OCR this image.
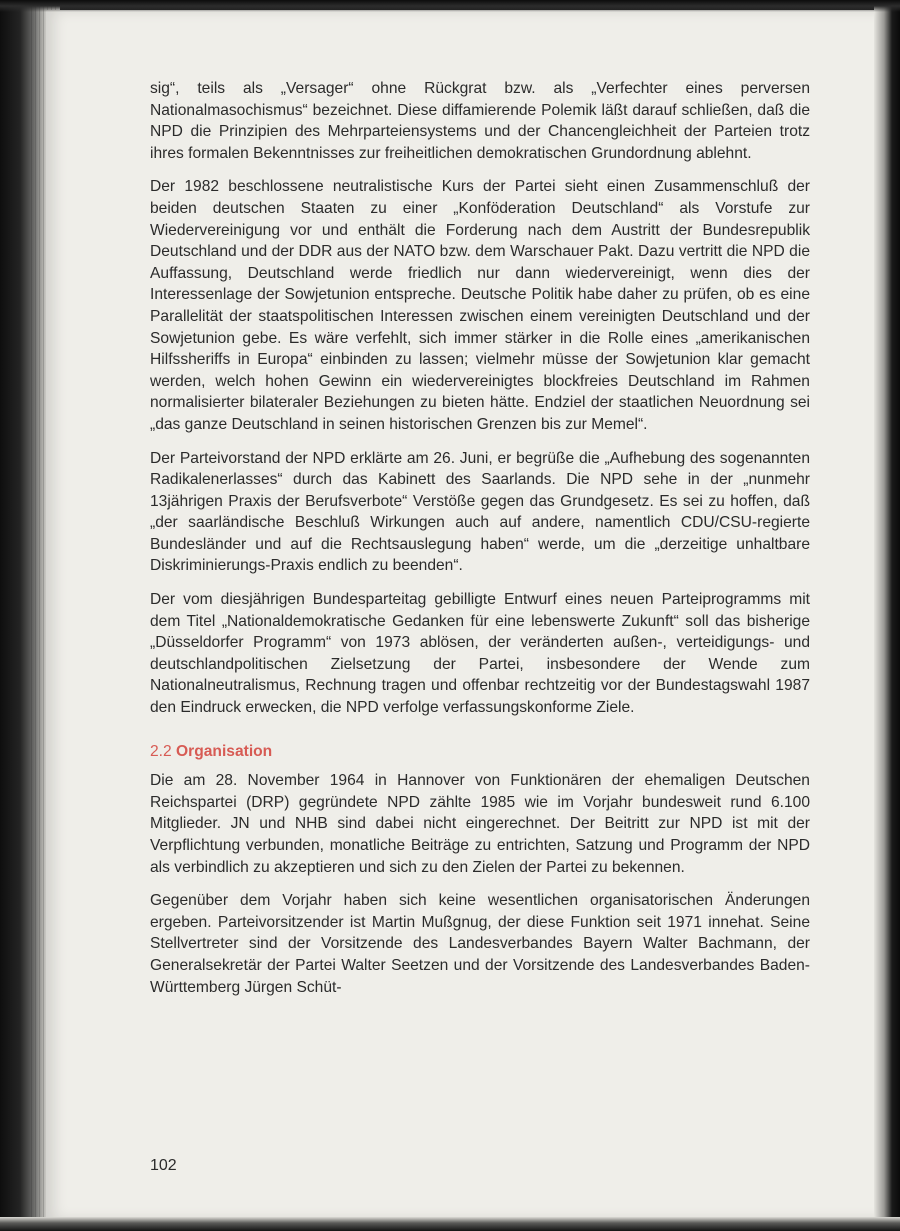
sig“, teils als „Versager“ ohne Rückgrat bzw. als „Verfechter eines perversen Nationalmasochismus“ bezeichnet. Diese diffamierende Polemik läßt darauf schließen, daß die NPD die Prinzipien des Mehrparteiensystems und der Chancengleichheit der Parteien trotz ihres formalen Bekenntnisses zur freiheitlichen demokratischen Grundordnung ablehnt.

Der 1982 beschlossene neutralistische Kurs der Partei sieht einen Zusammenschluß der beiden deutschen Staaten zu einer „Konföderation Deutschland“ als Vorstufe zur Wiedervereinigung vor und enthält die Forderung nach dem Austritt der Bundesrepublik Deutschland und der DDR aus der NATO bzw. dem Warschauer Pakt. Dazu vertritt die NPD die Auffassung, Deutschland werde friedlich nur dann wiedervereinigt, wenn dies der Interessenlage der Sowjetunion entspreche. Deutsche Politik habe daher zu prüfen, ob es eine Parallelität der staatspolitischen Interessen zwischen einem vereinigten Deutschland und der Sowjetunion gebe. Es wäre verfehlt, sich immer stärker in die Rolle eines „amerikanischen Hilfssheriffs in Europa“ einbinden zu lassen; vielmehr müsse der Sowjetunion klar gemacht werden, welch hohen Gewinn ein wiedervereinigtes blockfreies Deutschland im Rahmen normalisierter bilateraler Beziehungen zu bieten hätte. Endziel der staatlichen Neuordnung sei „das ganze Deutschland in seinen historischen Grenzen bis zur Memel“.

Der Parteivorstand der NPD erklärte am 26. Juni, er begrüße die „Aufhebung des sogenannten Radikalenerlasses“ durch das Kabinett des Saarlands. Die NPD sehe in der „nunmehr 13jährigen Praxis der Berufsverbote“ Verstöße gegen das Grundgesetz. Es sei zu hoffen, daß „der saarländische Beschluß Wirkungen auch auf andere, namentlich CDU/CSU-regierte Bundesländer und auf die Rechtsauslegung haben“ werde, um die „derzeitige unhaltbare Diskriminierungs-Praxis endlich zu beenden“.

Der vom diesjährigen Bundesparteitag gebilligte Entwurf eines neuen Parteiprogramms mit dem Titel „Nationaldemokratische Gedanken für eine lebenswerte Zukunft“ soll das bisherige „Düsseldorfer Programm“ von 1973 ablösen, der veränderten außen-, verteidigungs- und deutschlandpolitischen Zielsetzung der Partei, insbesondere der Wende zum Nationalneutralismus, Rechnung tragen und offenbar rechtzeitig vor der Bundestagswahl 1987 den Eindruck erwecken, die NPD verfolge verfassungskonforme Ziele.

2.2 Organisation

Die am 28. November 1964 in Hannover von Funktionären der ehemaligen Deutschen Reichspartei (DRP) gegründete NPD zählte 1985 wie im Vorjahr bundesweit rund 6.100 Mitglieder. JN und NHB sind dabei nicht eingerechnet. Der Beitritt zur NPD ist mit der Verpflichtung verbunden, monatliche Beiträge zu entrichten, Satzung und Programm der NPD als verbindlich zu akzeptieren und sich zu den Zielen der Partei zu bekennen.

Gegenüber dem Vorjahr haben sich keine wesentlichen organisatorischen Änderungen ergeben. Parteivorsitzender ist Martin Mußgnug, der diese Funktion seit 1971 innehat. Seine Stellvertreter sind der Vorsitzende des Landesverbandes Bayern Walter Bachmann, der Generalsekretär der Partei Walter Seetzen und der Vorsitzende des Landesverbandes Baden-Württemberg Jürgen Schüt-

102
